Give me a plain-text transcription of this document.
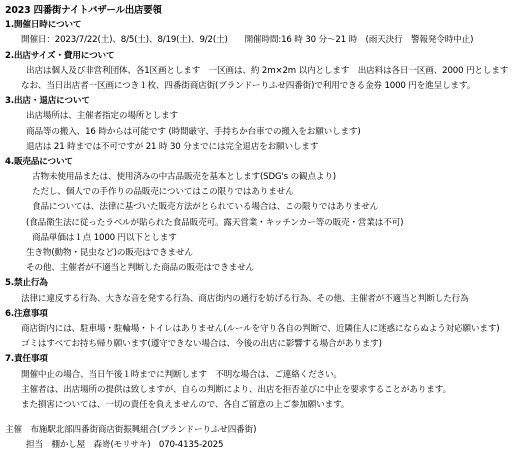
2023 四番街ナイトバザール出店要領
1.開催日時について
開催日：2023/7/22(土)、8/5(土)、8/19(土)、9/2(土)　　開催時間:16 時 30 分～21 時　(雨天決行　警報発令時中止)
2.出店サイズ・費用について
出店は個人及び非営利団体、各1区画とします　一区画は、約 2m×2m 以内とします　出店料は各日一区画、2000 円とします
なお、当日出店者一区画につき１枚、四番街商店街(ブランドーりふせ四番街)で利用できる金券 1000 円を進呈します。
3.出店・退店について
出店場所は、主催者指定の場所とします
商品等の搬入、16 時からは可能です (時間厳守、手持ちか台車での搬入をお願いします)
退店は 21 時までは不可ですが 21 時 30 分までには完全退店をお願いします
4.販売品について
古物未使用品または、使用済みの中古品販売を基本とします(SDG's の観点より)
ただし、個人での手作りの品販売についてはこの限りではありません
食品については、法律に基づいた販売方法がとられている場合は、この限りではありません
(食品衛生法に従ったラベルが貼られた食品販売可。露天営業・キッチンカー等の販売・営業は不可)
商品単価は１点 1000 円以下とします
生き物(動物・昆虫など)の販売はできません
その他、主催者が不適当と判断した商品の販売はできません
5.禁止行為
法律に違反する行為、大きな音を発する行為、商店街内の通行を妨げる行為、その他、主催者が不適当と判断した行為
6.注意事項
商店街内には、駐車場・駐輪場・トイレはありません(ルールを守り各自の判断で、近隣住人に迷惑にならぬよう対応願います)
ゴミはすべてお持ち帰り願います(遵守できない場合は、今後の出店に影響する場合があります)
7.責任事項
開催中止の場合、当日午後１時までに判断します　不明な場合は、ご連絡ください。
主催者は、出店場所の提供は致しますが、自らの判断により、出店を拒否並びに中止を要求することがあります。
また損害については、一切の責任を負えませんので、各自ご留意の上ご参加願います。
主催　布施駅北部四番街商店街振興組合(ブランドーりふせ四番街)
担当　棚かし屋　森嵜(モリサキ)　070-4135-2025
